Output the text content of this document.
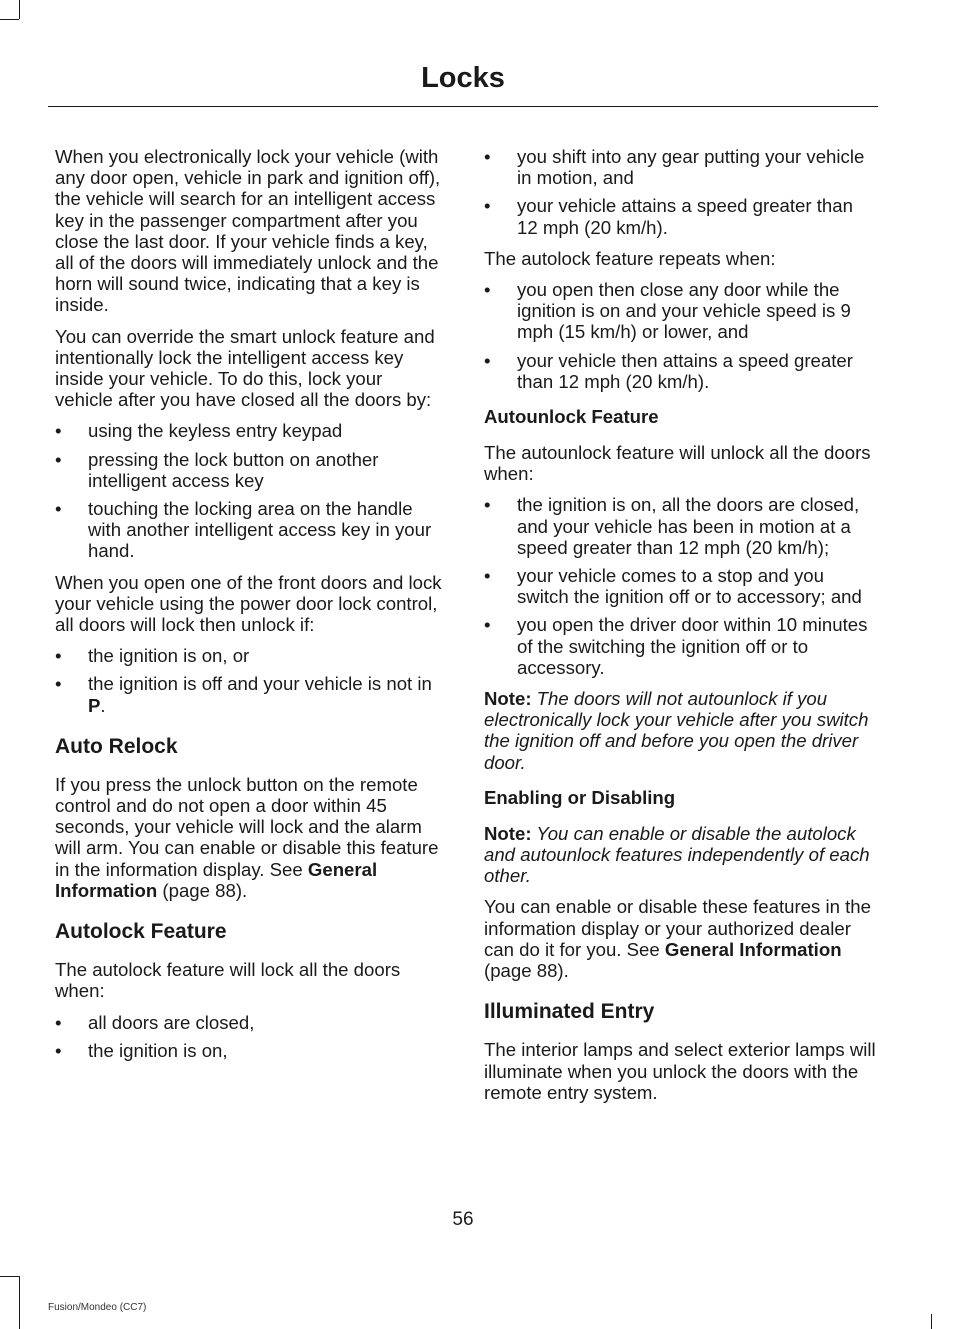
Locks

When you electronically lock your vehicle (with any door open, vehicle in park and ignition off), the vehicle will search for an intelligent access key in the passenger compartment after you close the last door. If your vehicle finds a key, all of the doors will immediately unlock and the horn will sound twice, indicating that a key is inside.

You can override the smart unlock feature and intentionally lock the intelligent access key inside your vehicle. To do this, lock your vehicle after you have closed all the doors by:

• using the keyless entry keypad
• pressing the lock button on another intelligent access key
• touching the locking area on the handle with another intelligent access key in your hand.

When you open one of the front doors and lock your vehicle using the power door lock control, all doors will lock then unlock if:

• the ignition is on, or
• the ignition is off and your vehicle is not in P.
Auto Relock

If you press the unlock button on the remote control and do not open a door within 45 seconds, your vehicle will lock and the alarm will arm. You can enable or disable this feature in the information display. See General Information (page 88).

Autolock Feature

The autolock feature will lock all the doors when:

• all doors are closed,
• the ignition is on,
• you shift into any gear putting your vehicle in motion, and
• your vehicle attains a speed greater than 12 mph (20 km/h).

The autolock feature repeats when:

• you open then close any door while the ignition is on and your vehicle speed is 9 mph (15 km/h) or lower, and
• your vehicle then attains a speed greater than 12 mph (20 km/h).
Autounlock Feature

The autounlock feature will unlock all the doors when:

• the ignition is on, all the doors are closed, and your vehicle has been in motion at a speed greater than 12 mph (20 km/h);
• your vehicle comes to a stop and you switch the ignition off or to accessory; and
• you open the driver door within 10 minutes of the switching the ignition off or to accessory.

Note: The doors will not autounlock if you electronically lock your vehicle after you switch the ignition off and before you open the driver door.

Enabling or Disabling

Note: You can enable or disable the autolock and autounlock features independently of each other.

You can enable or disable these features in the information display or your authorized dealer can do it for you. See General Information (page 88).

Illuminated Entry

The interior lamps and select exterior lamps will illuminate when you unlock the doors with the remote entry system.

56
Fusion/Mondeo (CC7)
